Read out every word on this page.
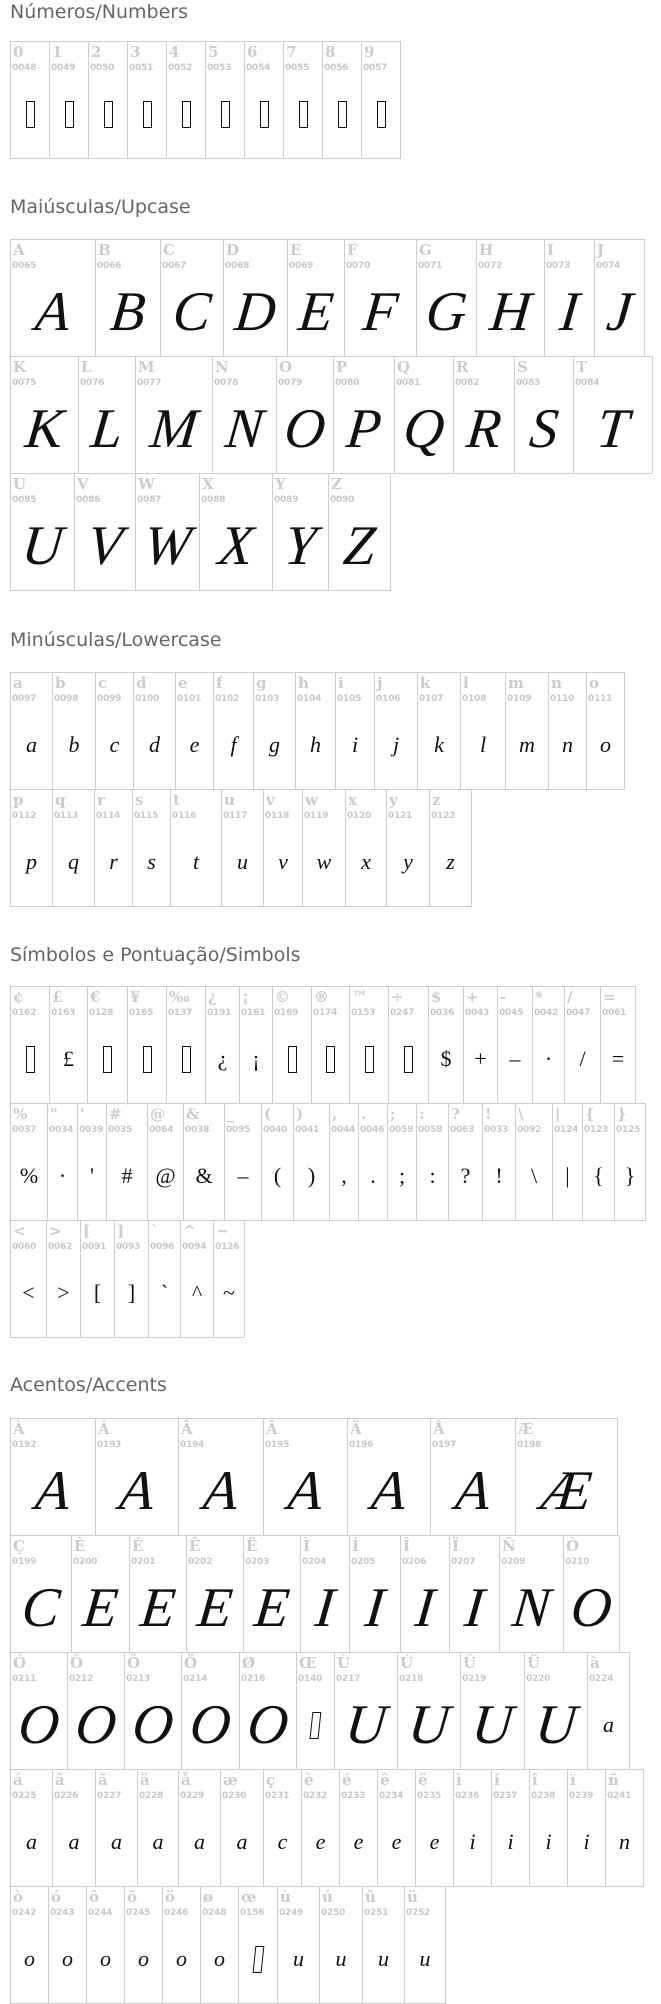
Números/Numbers
0
0048
1
0049
2
0050
3
0051
4
0052
5
0053
6
0054
7
0055
8
0056
9
0057
Maiúsculas/Upcase
A
0065
A
B
0066
B
C
0067
C
D
0068
D
E
0069
E
F
0070
F
G
0071
G
H
0072
H
I
0073
I
J
0074
J
K
0075
K
L
0076
L
M
0077
M
N
0078
N
O
0079
O
P
0080
P
Q
0081
Q
R
0082
R
S
0083
S
T
0084
T
U
0085
U
V
0086
V
W
0087
W
X
0088
X
Y
0089
Y
Z
0090
Z
Minúsculas/Lowercase
a
0097
a
b
0098
b
c
0099
c
d
0100
d
e
0101
e
f
0102
f
g
0103
g
h
0104
h
i
0105
i
j
0106
j
k
0107
k
l
0108
l
m
0109
m
n
0110
n
o
0111
o
p
0112
p
q
0113
q
r
0114
r
s
0115
s
t
0116
t
u
0117
u
v
0118
v
w
0119
w
x
0120
x
y
0121
y
z
0122
z
Símbolos e Pontuação/Simbols
¢
0162
£
0163
£
€
0128
¥
0165
‰
0137
¿
0191
¿
¡
0161
¡
©
0169
®
0174
™
0153
÷
0247
$
0036
$
+
0043
+
-
0045
–
*
0042
·
/
0047
/
=
0061
=
%
0037
%
"
0034
·
'
0039
'
#
0035
#
@
0064
@
&
0038
&
_
0095
–
(
0040
(
)
0041
)
,
0044
,
.
0046
.
;
0059
;
:
0058
:
?
0063
?
!
0033
!
\
0092
\
|
0124
|
{
0123
{
}
0125
}
<
0060
<
>
0062
>
[
0091
[
]
0093
]
`
0096
`
^
0094
^
~
0126
~
Acentos/Accents
À
0192
A
Á
0193
A
Â
0194
A
Ã
0195
A
Ä
0196
A
Å
0197
A
Æ
0198
Æ
Ç
0199
C
È
0200
E
É
0201
E
Ê
0202
E
Ë
0203
E
Ì
0204
I
Í
0205
I
Î
0206
I
Ï
0207
I
Ñ
0209
N
Ò
0210
O
Ó
0211
O
Ô
0212
O
Õ
0213
O
Ö
0214
O
Ø
0216
O
Œ
0140
Ù
0217
U
Ú
0218
U
Û
0219
U
Ü
0220
U
à
0224
a
á
0225
a
â
0226
a
ã
0227
a
ä
0228
a
å
0229
a
æ
0230
a
ç
0231
c
è
0232
e
é
0233
e
ê
0234
e
ë
0235
e
ì
0236
i
í
0237
i
î
0238
i
ï
0239
i
ñ
0241
n
ò
0242
o
ó
0243
o
ô
0244
o
õ
0245
o
ö
0246
o
ø
0248
o
œ
0156
ù
0249
u
ú
0250
u
û
0251
u
ü
0252
u
